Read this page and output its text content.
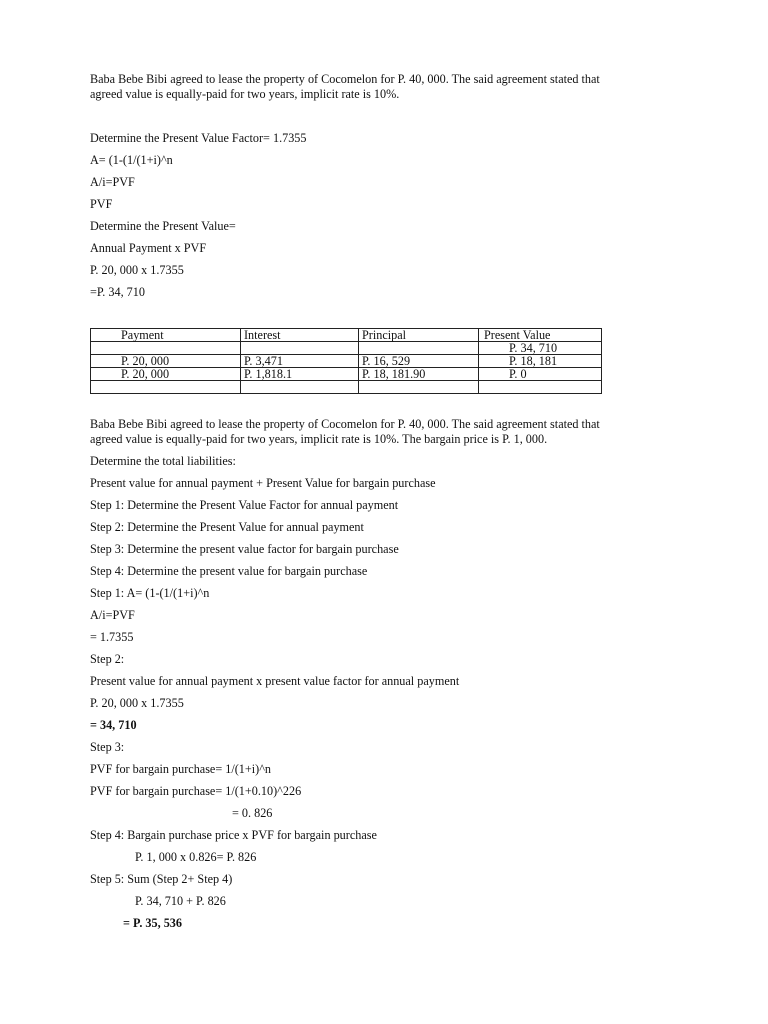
Baba Bebe Bibi agreed to lease the property of Cocomelon for P. 40, 000. The said agreement stated that
agreed value is equally-paid for two years, implicit rate is 10%.
Determine the Present Value Factor= 1.7355
A= (1-(1/(1+i)^n
A/i=PVF
PVF
Determine the Present Value=
Annual Payment x PVF
P. 20, 000 x 1.7355
=P. 34, 710
Payment	Interest	Principal	Present Value
			P. 34, 710
P. 20, 000	P. 3,471	P. 16, 529	P. 18, 181
P. 20, 000	P. 1,818.1	P. 18, 181.90	P. 0

Baba Bebe Bibi agreed to lease the property of Cocomelon for P. 40, 000. The said agreement stated that
agreed value is equally-paid for two years, implicit rate is 10%. The bargain price is P. 1, 000.
Determine the total liabilities:
Present value for annual payment + Present Value for bargain purchase
Step 1: Determine the Present Value Factor for annual payment
Step 2: Determine the Present Value for annual payment
Step 3: Determine the present value factor for bargain purchase
Step 4: Determine the present value for bargain purchase
Step 1: A= (1-(1/(1+i)^n
A/i=PVF
= 1.7355
Step 2:
Present value for annual payment x present value factor for annual payment
P. 20, 000 x 1.7355
= 34, 710
Step 3:
PVF for bargain purchase= 1/(1+i)^n
PVF for bargain purchase= 1/(1+0.10)^226
= 0. 826
Step 4: Bargain purchase price x PVF for bargain purchase
P. 1, 000 x 0.826= P. 826
Step 5: Sum (Step 2+ Step 4)
P. 34, 710 + P. 826
= P. 35, 536
